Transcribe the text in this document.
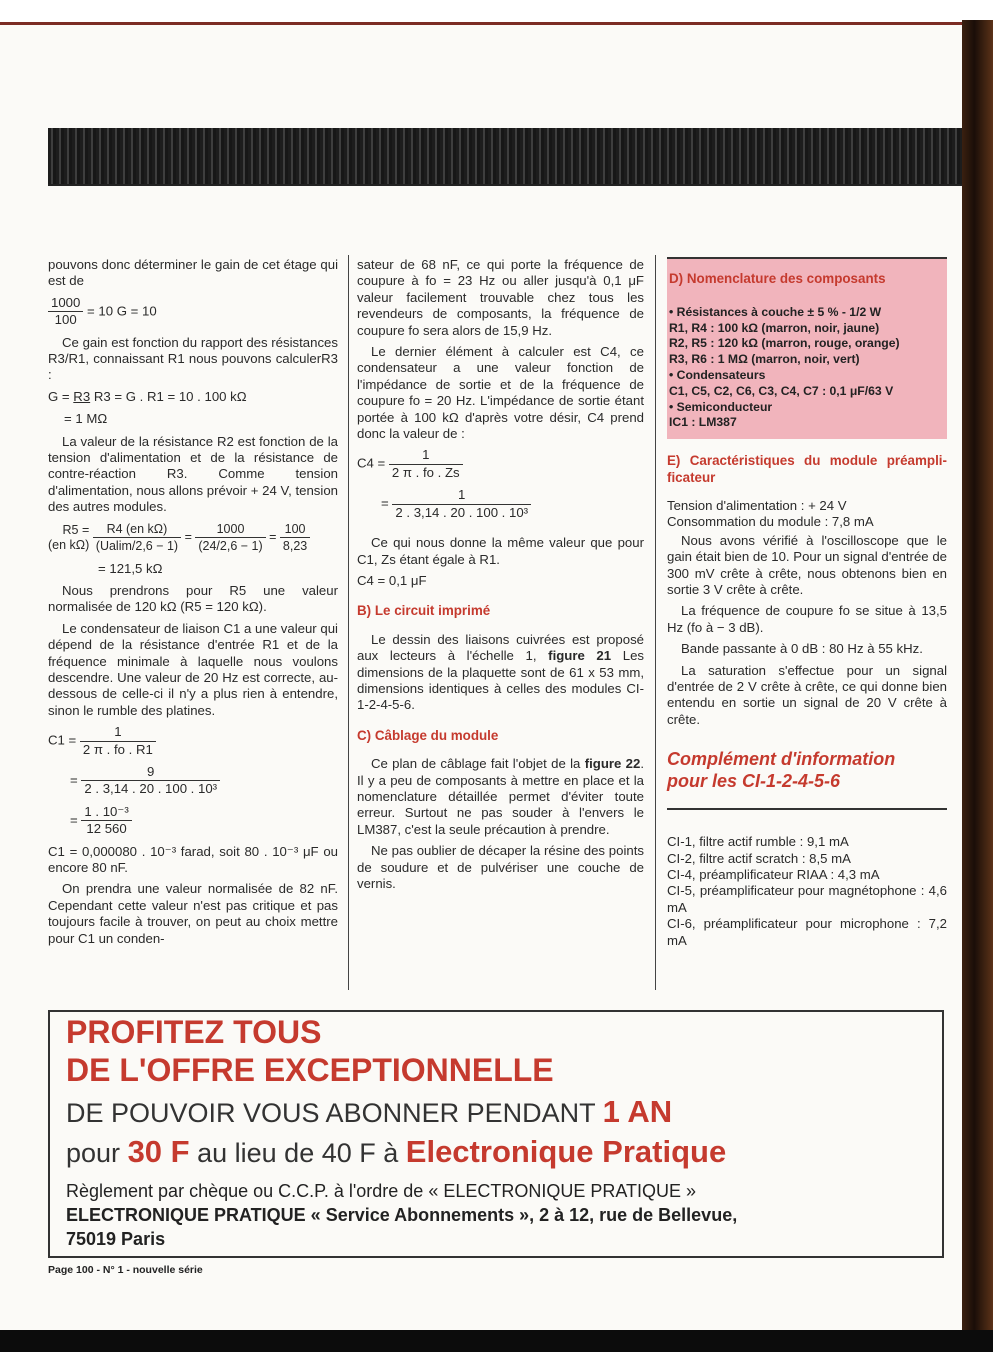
pouvons donc déterminer le gain de cet étage qui est de

$\frac{1000}{100} = 10$ G = 10

Ce gain est fonction du rapport des résistances R3/R1, connaissant R1 nous pouvons calculerR3 :

G = R3 R3 = G . R1 = 10 . 100 kΩ
= 1 MΩ

La valeur de la résistance R2 est fonction de la tension d'alimentation et de la résistance de contre-réaction R3. Comme tension d'alimentation, nous allons prévoir + 24 V, tension des autres modules.

R5 =
(en kΩ)
$\frac{\text{R4 (en kΩ)}}{(Ualim/2,6 - 1)} = \frac{1000}{(24/2,6 - 1)} = \frac{100}{8,23}$
= 121,5 kΩ

Nous prendrons pour R5 une valeur normalisée de 120 kΩ (R5 = 120 kΩ).

Le condensateur de liaison C1 a une valeur qui dépend de la résistance d'entrée R1 et de la fréquence minimale à laquelle nous voulons descendre. Une valeur de 20 Hz est correcte, au-dessous de celle-ci il n'y a plus rien à entendre, sinon le rumble des platines.

$C1 = \frac{1}{2 \pi . fo . R1}$
= $\frac{9}{\text{2 . 3,14 . 20 . 100 . 10³}}$
= $\frac{\text{1 . 10⁻³}}{12 560}$

C1 = 0,000080 . 10⁻³ farad, soit 80 . 10⁻³ μF ou encore 80 nF.

On prendra une valeur normalisée de 82 nF. Cependant cette valeur n'est pas critique et pas toujours facile à trouver, on peut au choix mettre pour C1 un conden-

sateur de 68 nF, ce qui porte la fréquence de coupure à fo = 23 Hz ou aller jusqu'à 0,1 μF valeur facilement trouvable chez tous les revendeurs de composants, la fréquence de coupure fo sera alors de 15,9 Hz.

Le dernier élément à calculer est C4, ce condensateur a une valeur fonction de l'impédance de sortie et de la fréquence de coupure fo = 20 Hz. L'impédance de sortie étant portée à 100 kΩ d'après votre désir, C4 prend donc la valeur de :

$C4 = \frac{1}{2 \pi . fo . Zs}$
= $\frac{1}{\text{2 . 3,14 . 20 . 100 . 10³}}$

Ce qui nous donne la même valeur que pour C1, Zs étant égale à R1.

C4 = 0,1 μF

B) Le circuit imprimé

Le dessin des liaisons cuivrées est proposé aux lecteurs à l'échelle 1, figure 21 Les dimensions de la plaquette sont de 61 x 53 mm, dimensions identiques à celles des modules CI-1-2-4-5-6.

C) Câblage du module

Ce plan de câblage fait l'objet de la figure 22. Il y a peu de composants à mettre en place et la nomenclature détaillée permet d'éviter toute erreur. Surtout ne pas souder à l'envers le LM387, c'est la seule précaution à prendre.

Ne pas oublier de décaper la résine des points de soudure et de pulvériser une couche de vernis.

D) Nomenclature des composants
• Résistances à couche ± 5 % - 1/2 W
R1, R4 : 100 kΩ (marron, noir, jaune)
R2, R5 : 120 kΩ (marron, rouge, orange)
R3, R6 : 1 MΩ (marron, noir, vert)
• Condensateurs
C1, C5, C2, C6, C3, C4, C7 : 0,1 μF/63 V
• Semiconducteur
IC1 : LM387

E) Caractéristiques du module préamplificateur

Tension d'alimentation : + 24 V

Consommation du module : 7,8 mA

Nous avons vérifié à l'oscilloscope que le gain était bien de 10. Pour un signal d'entrée de 300 mV crête à crête, nous obtenons bien en sortie 3 V crête à crête.

La fréquence de coupure fo se situe à 13,5 Hz (fo à − 3 dB).

Bande passante à 0 dB : 80 Hz à 55 kHz.

La saturation s'effectue pour un signal d'entrée de 2 V crête à crête, ce qui donne bien entendu en sortie un signal de 20 V crête à crête.

Complément d'information
pour les CI-1-2-4-5-6

CI-1, filtre actif rumble : 9,1 mA

CI-2, filtre actif scratch : 8,5 mA

CI-4, préamplificateur RIAA : 4,3 mA

CI-5, préamplificateur pour magnétophone : 4,6 mA

CI-6, préamplificateur pour microphone : 7,2 mA

PROFITEZ TOUS
DE L'OFFRE EXCEPTIONNELLE
DE POUVOIR VOUS ABONNER PENDANT 1 AN
pour 30 F au lieu de 40 F à Electronique Pratique
Règlement par chèque ou C.C.P. à l'ordre de « ELECTRONIQUE PRATIQUE »
ELECTRONIQUE PRATIQUE « Service Abonnements », 2 à 12, rue de Bellevue,
75019 Paris
Page 100 - N° 1 - nouvelle série
